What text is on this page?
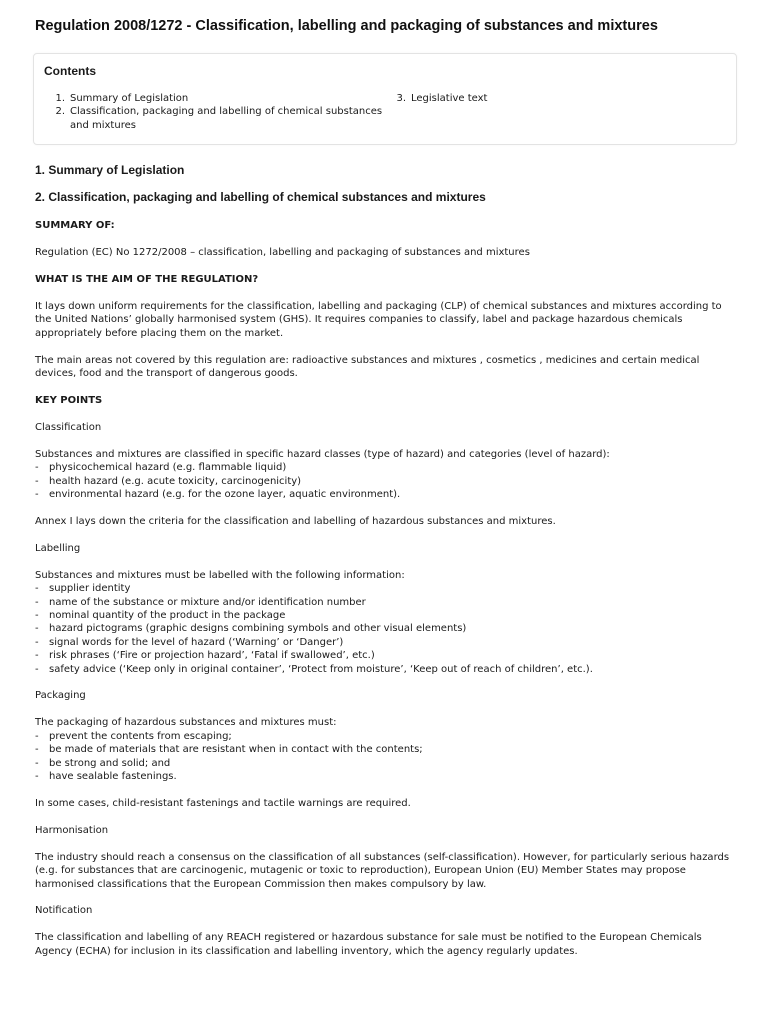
Regulation 2008/1272 - Classification, labelling and packaging of substances and mixtures
Contents
1. Summary of Legislation
2. Classification, packaging and labelling of chemical substances and mixtures
3. Legislative text
1. Summary of Legislation
2. Classification, packaging and labelling of chemical substances and mixtures

SUMMARY OF:

Regulation (EC) No 1272/2008 – classification, labelling and packaging of substances and mixtures

WHAT IS THE AIM OF THE REGULATION?

It lays down uniform requirements for the classification, labelling and packaging (CLP) of chemical substances and mixtures according to the United Nations’ globally harmonised system (GHS). It requires companies to classify, label and package hazardous chemicals appropriately before placing them on the market.

The main areas not covered by this regulation are: radioactive substances and mixtures , cosmetics , medicines and certain medical devices, food and the transport of dangerous goods.

KEY POINTS

Classification

Substances and mixtures are classified in specific hazard classes (type of hazard) and categories (level of hazard):

-	physicochemical hazard (e.g. flammable liquid)
-	health hazard (e.g. acute toxicity, carcinogenicity)
-	environmental hazard (e.g. for the ozone layer, aquatic environment).

Annex I lays down the criteria for the classification and labelling of hazardous substances and mixtures.

Labelling

Substances and mixtures must be labelled with the following information:

-	supplier identity
-	name of the substance or mixture and/or identification number
-	nominal quantity of the product in the package
-	hazard pictograms (graphic designs combining symbols and other visual elements)
-	signal words for the level of hazard (‘Warning’ or ‘Danger’)
-	risk phrases (‘Fire or projection hazard’, ‘Fatal if swallowed’, etc.)
-	safety advice (‘Keep only in original container’, ‘Protect from moisture’, ‘Keep out of reach of children’, etc.).

Packaging

The packaging of hazardous substances and mixtures must:

-	prevent the contents from escaping;
-	be made of materials that are resistant when in contact with the contents;
-	be strong and solid; and
-	have sealable fastenings.

In some cases, child-resistant fastenings and tactile warnings are required.

Harmonisation

The industry should reach a consensus on the classification of all substances (self-classification). However, for particularly serious hazards (e.g. for substances that are carcinogenic, mutagenic or toxic to reproduction), European Union (EU) Member States may propose harmonised classifications that the European Commission then makes compulsory by law.

Notification

The classification and labelling of any REACH registered or hazardous substance for sale must be notified to the European Chemicals Agency (ECHA) for inclusion in its classification and labelling inventory, which the agency regularly updates.
